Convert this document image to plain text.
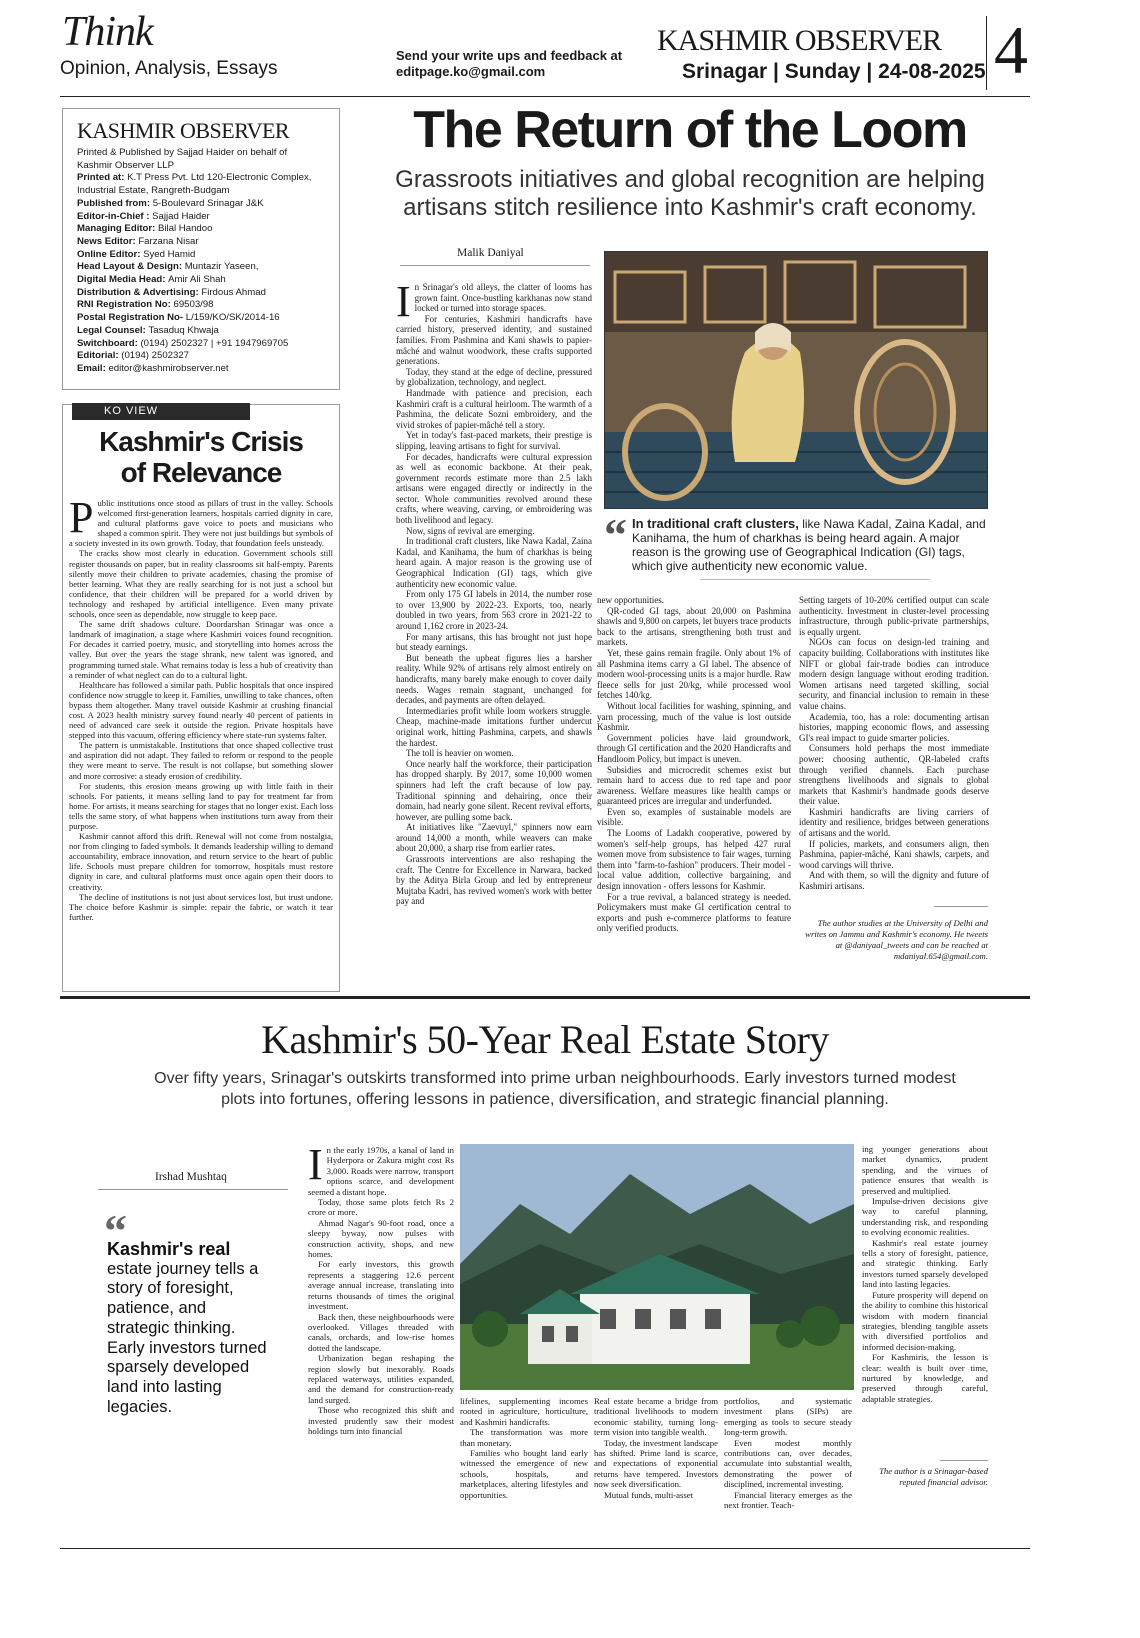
Think
Opinion, Analysis, Essays
Send your write ups and feedback at
editpage.ko@gmail.com
KASHMIR OBSERVER
Srinagar | Sunday | 24-08-2025 4
KASHMIR OBSERVER
Printed & Published by Sajjad Haider on behalf of
Kashmir Observer LLP
Printed at: K.T Press Pvt. Ltd 120-Electronic Complex,
Industrial Estate, Rangreth-Budgam
Published from: 5-Boulevard Srinagar J&K
Editor-in-Chief : Sajjad Haider
Managing Editor: Bilal Handoo
News Editor: Farzana Nisar
Online Editor: Syed Hamid
Head Layout & Design: Muntazir Yaseen,
Digital Media Head: Amir Ali Shah
Distribution & Advertising: Firdous Ahmad
RNI Registration No: 69503/98
Postal Registration No- L/159/KO/SK/2014-16
Legal Counsel: Tasaduq Khwaja
Switchboard: (0194) 2502327 | +91 1947969705
Editorial: (0194) 2502327
Email: editor@kashmirobserver.net
KO VIEW
Kashmir's Crisis of Relevance

Public institutions once stood as pillars of trust in the valley. Schools welcomed first-generation learners, hospitals carried dignity in care, and cultural platforms gave voice to poets and musicians who shaped a common spirit. They were not just buildings but symbols of a society invested in its own growth. Today, that foundation feels unsteady.

The cracks show most clearly in education. Government schools still register thousands on paper, but in reality classrooms sit half-empty. Parents silently move their children to private academies, chasing the promise of better learning. What they are really searching for is not just a school but confidence, that their children will be prepared for a world driven by technology and reshaped by artificial intelligence. Even many private schools, once seen as dependable, now struggle to keep pace.

The same drift shadows culture. Doordarshan Srinagar was once a landmark of imagination, a stage where Kashmiri voices found recognition. For decades it carried poetry, music, and storytelling into homes across the valley. But over the years the stage shrank, new talent was ignored, and programming turned stale. What remains today is less a hub of creativity than a reminder of what neglect can do to a cultural light.

Healthcare has followed a similar path. Public hospitals that once inspired confidence now struggle to keep it. Families, unwilling to take chances, often bypass them altogether. Many travel outside Kashmir at crushing financial cost. A 2023 health ministry survey found nearly 40 percent of patients in need of advanced care seek it outside the region. Private hospitals have stepped into this vacuum, offering efficiency where state-run systems falter.

The pattern is unmistakable. Institutions that once shaped collective trust and aspiration did not adapt. They failed to reform or respond to the people they were meant to serve. The result is not collapse, but something slower and more corrosive: a steady erosion of credibility.

For students, this erosion means growing up with little faith in their schools. For patients, it means selling land to pay for treatment far from home. For artists, it means searching for stages that no longer exist. Each loss tells the same story, of what happens when institutions turn away from their purpose.

Kashmir cannot afford this drift. Renewal will not come from nostalgia, nor from clinging to faded symbols. It demands leadership willing to demand accountability, embrace innovation, and return service to the heart of public life. Schools must prepare children for tomorrow, hospitals must restore dignity in care, and cultural platforms must once again open their doors to creativity.

The decline of institutions is not just about services lost, but trust undone. The choice before Kashmir is simple: repair the fabric, or watch it tear further.

The Return of the Loom
Grassroots initiatives and global recognition are helping artisans stitch resilience into Kashmir's craft economy.
Malik Daniyal

In Srinagar's old alleys, the clatter of looms has grown faint. Once-bustling karkhanas now stand locked or turned into storage spaces.

For centuries, Kashmiri handicrafts have carried history, preserved identity, and sustained families. From Pashmina and Kani shawls to papier-mâché and walnut woodwork, these crafts supported generations.

Today, they stand at the edge of decline, pressured by globalization, technology, and neglect.

Handmade with patience and precision, each Kashmiri craft is a cultural heirloom. The warmth of a Pashmina, the delicate Sozni embroidery, and the vivid strokes of papier-mâché tell a story.

Yet in today's fast-paced markets, their prestige is slipping, leaving artisans to fight for survival.

For decades, handicrafts were cultural expression as well as economic backbone. At their peak, government records estimate more than 2.5 lakh artisans were engaged directly or indirectly in the sector. Whole communities revolved around these crafts, where weaving, carving, or embroidering was both livelihood and legacy.

Now, signs of revival are emerging.

In traditional craft clusters, like Nawa Kadal, Zaina Kadal, and Kanihama, the hum of charkhas is being heard again. A major reason is the growing use of Geographical Indication (GI) tags, which give authenticity new economic value.

From only 175 GI labels in 2014, the number rose to over 13,900 by 2022-23. Exports, too, nearly doubled in two years, from 563 crore in 2021-22 to around 1,162 crore in 2023-24.

For many artisans, this has brought not just hope but steady earnings.

But beneath the upbeat figures lies a harsher reality. While 92% of artisans rely almost entirely on handicrafts, many barely make enough to cover daily needs. Wages remain stagnant, unchanged for decades, and payments are often delayed.

Intermediaries profit while loom workers struggle. Cheap, machine-made imitations further undercut original work, hitting Pashmina, carpets, and shawls the hardest.

The toll is heavier on women.

Once nearly half the workforce, their participation has dropped sharply. By 2017, some 10,000 women spinners had left the craft because of low pay. Traditional spinning and dehairing, once their domain, had nearly gone silent. Recent revival efforts, however, are pulling some back.

At initiatives like "Zaevuyl," spinners now earn around 14,000 a month, while weavers can make about 20,000, a sharp rise from earlier rates.

Grassroots interventions are also reshaping the craft. The Centre for Excellence in Narwara, backed by the Aditya Birla Group and led by entrepreneur Mujtaba Kadri, has revived women's work with better pay and

“ In traditional craft clusters, like Nawa Kadal, Zaina Kadal, and Kanihama, the hum of charkhas is being heard again. A major reason is the growing use of Geographical Indication (GI) tags, which give authenticity new economic value.

new opportunities.

QR-coded GI tags, about 20,000 on Pashmina shawls and 9,800 on carpets, let buyers trace products back to the artisans, strengthening both trust and markets.

Yet, these gains remain fragile. Only about 1% of all Pashmina items carry a GI label. The absence of modern wool-processing units is a major hurdle. Raw fleece sells for just 20/kg, while processed wool fetches 140/kg.

Without local facilities for washing, spinning, and yarn processing, much of the value is lost outside Kashmir.

Government policies have laid groundwork, through GI certification and the 2020 Handicrafts and Handloom Policy, but impact is uneven.

Subsidies and microcredit schemes exist but remain hard to access due to red tape and poor awareness. Welfare measures like health camps or guaranteed prices are irregular and underfunded.

Even so, examples of sustainable models are visible.

The Looms of Ladakh cooperative, powered by women's self-help groups, has helped 427 rural women move from subsistence to fair wages, turning them into "farm-to-fashion" producers. Their model - local value addition, collective bargaining, and design innovation - offers lessons for Kashmir.

For a true revival, a balanced strategy is needed. Policymakers must make GI certification central to exports and push e-commerce platforms to feature only verified products.

Setting targets of 10-20% certified output can scale authenticity. Investment in cluster-level processing infrastructure, through public-private partnerships, is equally urgent.

NGOs can focus on design-led training and capacity building. Collaborations with institutes like NIFT or global fair-trade bodies can introduce modern design language without eroding tradition. Women artisans need targeted skilling, social security, and financial inclusion to remain in these value chains.

Academia, too, has a role: documenting artisan histories, mapping economic flows, and assessing GI's real impact to guide smarter policies.

Consumers hold perhaps the most immediate power: choosing authentic, QR-labeled crafts through verified channels. Each purchase strengthens livelihoods and signals to global markets that Kashmir's handmade goods deserve their value.

Kashmiri handicrafts are living carriers of identity and resilience, bridges between generations of artisans and the world.

If policies, markets, and consumers align, then Pashmina, papier-mâché, Kani shawls, carpets, and wood carvings will thrive.

And with them, so will the dignity and future of Kashmiri artisans.

The author studies at the University of Delhi and writes on Jammu and Kashmir's economy. He tweets at @daniyaal_tweets and can be reached at mdaniyal.654@gmail.com.
Kashmir's 50-Year Real Estate Story
Over fifty years, Srinagar's outskirts transformed into prime urban neighbourhoods. Early investors turned modest plots into fortunes, offering lessons in patience, diversification, and strategic financial planning.
Irshad Mushtaq
“
Kashmir's real
estate journey tells a story of foresight, patience, and strategic thinking. Early investors turned sparsely developed land into lasting legacies.

In the early 1970s, a kanal of land in Hyderpora or Zakura might cost Rs 3,000. Roads were narrow, transport options scarce, and development seemed a distant hope.

Today, those same plots fetch Rs 2 crore or more.

Ahmad Nagar's 90-foot road, once a sleepy byway, now pulses with construction activity, shops, and new homes.

For early investors, this growth represents a staggering 12.6 percent average annual increase, translating into returns thousands of times the original investment.

Back then, these neighbourhoods were overlooked. Villages threaded with canals, orchards, and low-rise homes dotted the landscape.

Urbanization began reshaping the region slowly but inexorably. Roads replaced waterways, utilities expanded, and the demand for construction-ready land surged.

Those who recognized this shift and invested prudently saw their modest holdings turn into financial

lifelines, supplementing incomes rooted in agriculture, horticulture, and Kashmiri handicrafts.

The transformation was more than monetary.

Families who bought land early witnessed the emergence of new schools, hospitals, and marketplaces, altering lifestyles and opportunities.

Real estate became a bridge from traditional livelihoods to modern economic stability, turning long-term vision into tangible wealth.

Today, the investment landscape has shifted. Prime land is scarce, and expectations of exponential returns have tempered. Investors now seek diversification.

Mutual funds, multi-asset

portfolios, and systematic investment plans (SIPs) are emerging as tools to secure steady long-term growth.

Even modest monthly contributions can, over decades, accumulate into substantial wealth, demonstrating the power of disciplined, incremental investing.

Financial literacy emerges as the next frontier. Teach-

ing younger generations about market dynamics, prudent spending, and the virtues of patience ensures that wealth is preserved and multiplied.

Impulse-driven decisions give way to careful planning, understanding risk, and responding to evolving economic realities.

Kashmir's real estate journey tells a story of foresight, patience, and strategic thinking. Early investors turned sparsely developed land into lasting legacies.

Future prosperity will depend on the ability to combine this historical wisdom with modern financial strategies, blending tangible assets with diversified portfolios and informed decision-making.

For Kashmiris, the lesson is clear: wealth is built over time, nurtured by knowledge, and preserved through careful, adaptable strategies.

The author is a Srinagar-based reputed financial advisor.
